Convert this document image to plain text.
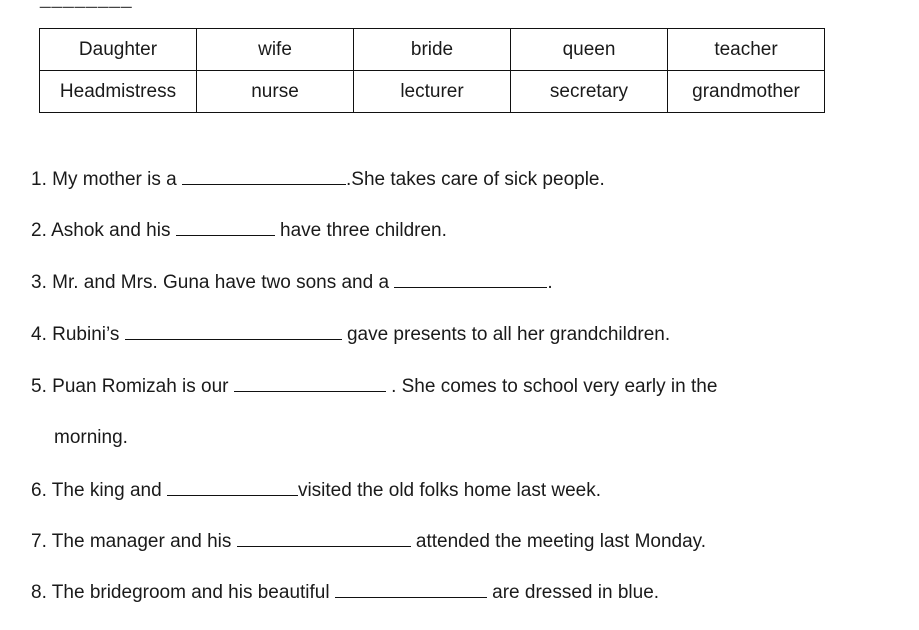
Daughter	wife	bride	queen	teacher
Headmistress	nurse	lecturer	secretary	grandmother
1. My mother is a	.She takes care of sick people.
2. Ashok and his	have three children.
3. Mr. and Mrs. Guna have two sons and a	.
4. Rubini’s	gave presents to all her grandchildren.
5. Puan Romizah is our	. She comes to school very early in the
morning.
6. The king and	visited the old folks home last week.
7. The manager and his	attended the meeting last Monday.
8. The bridegroom and his beautiful	are dressed in blue.
